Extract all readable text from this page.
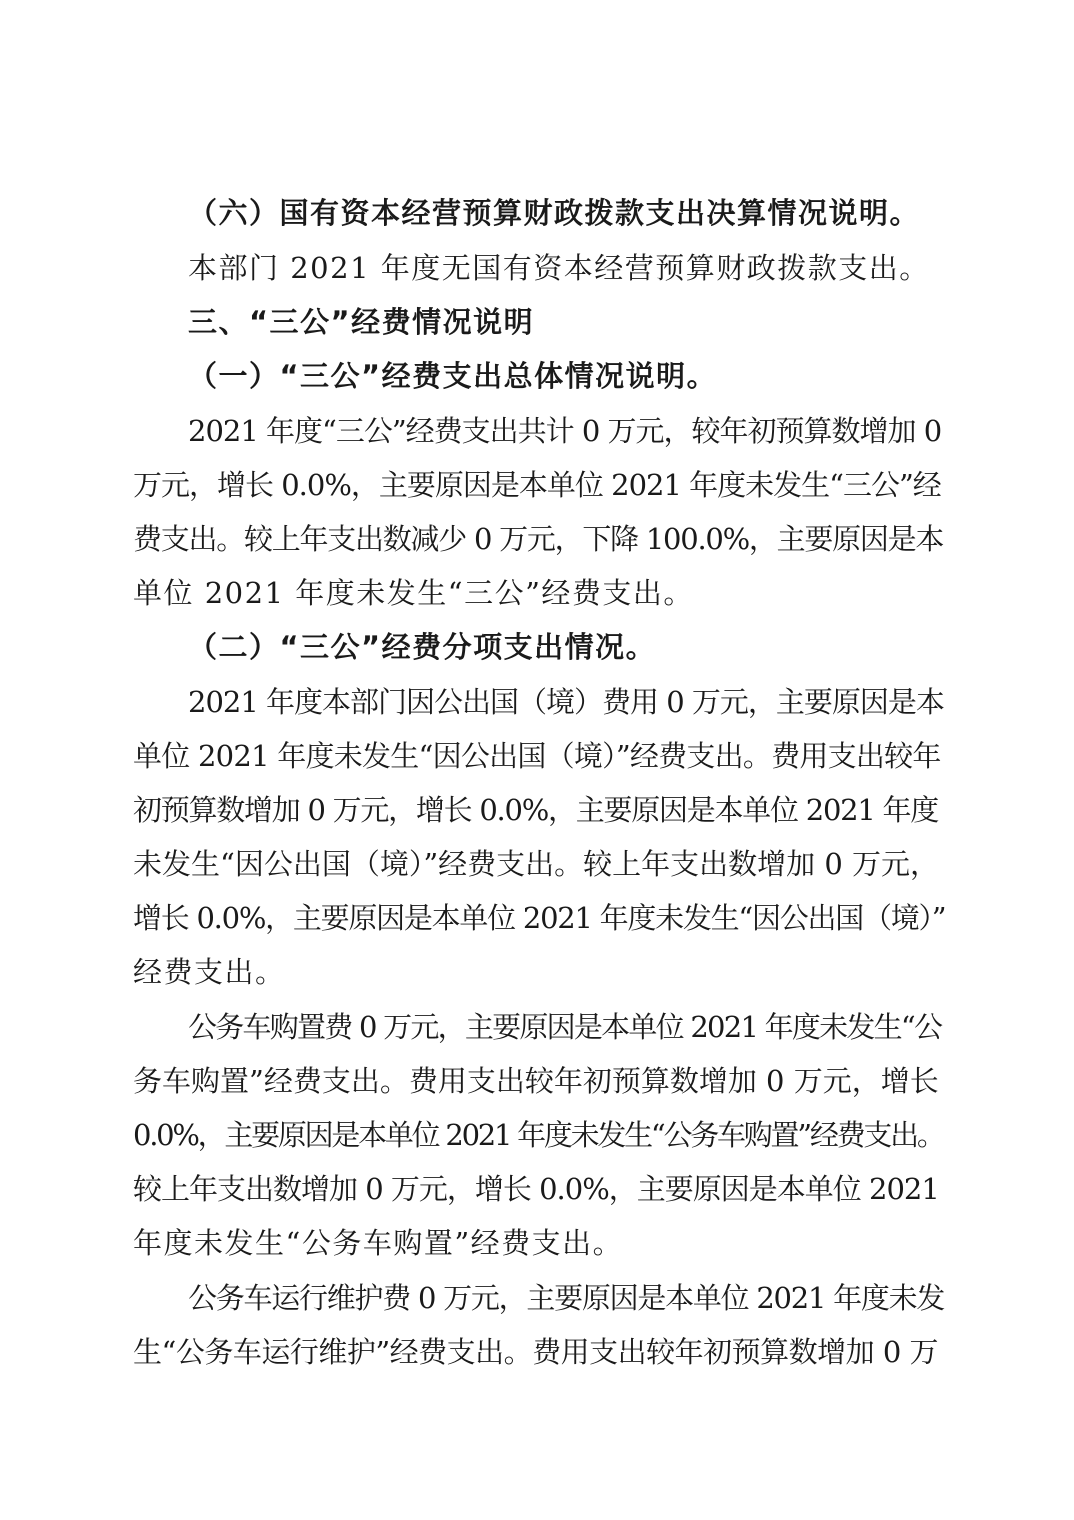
（六）国有资本经营预算财政拨款支出决算情况说明。
本部门 2021 年度无国有资本经营预算财政拨款支出。
三、“三公”经费情况说明
（一）“三公”经费支出总体情况说明。
2021 年度“三公”经费支出共计 0 万元，较年初预算数增加 0
万元，增长 0.0%，主要原因是本单位 2021 年度未发生“三公”经
费支出。较上年支出数减少 0 万元，下降 100.0%，主要原因是本
单位 2021 年度未发生“三公”经费支出。
（二）“三公”经费分项支出情况。
2021 年度本部门因公出国（境）费用 0 万元，主要原因是本
单位 2021 年度未发生“因公出国（境）”经费支出。费用支出较年
初预算数增加 0 万元，增长 0.0%，主要原因是本单位 2021 年度
未发生“因公出国（境）”经费支出。较上年支出数增加 0 万元，
增长 0.0%，主要原因是本单位 2021 年度未发生“因公出国（境）”
经费支出。
公务车购置费 0 万元，主要原因是本单位 2021 年度未发生“公
务车购置”经费支出。费用支出较年初预算数增加 0 万元，增长
0.0%，主要原因是本单位 2021 年度未发生“公务车购置”经费支出。
较上年支出数增加 0 万元，增长 0.0%，主要原因是本单位 2021
年度未发生“公务车购置”经费支出。
公务车运行维护费 0 万元，主要原因是本单位 2021 年度未发
生“公务车运行维护”经费支出。费用支出较年初预算数增加 0 万
